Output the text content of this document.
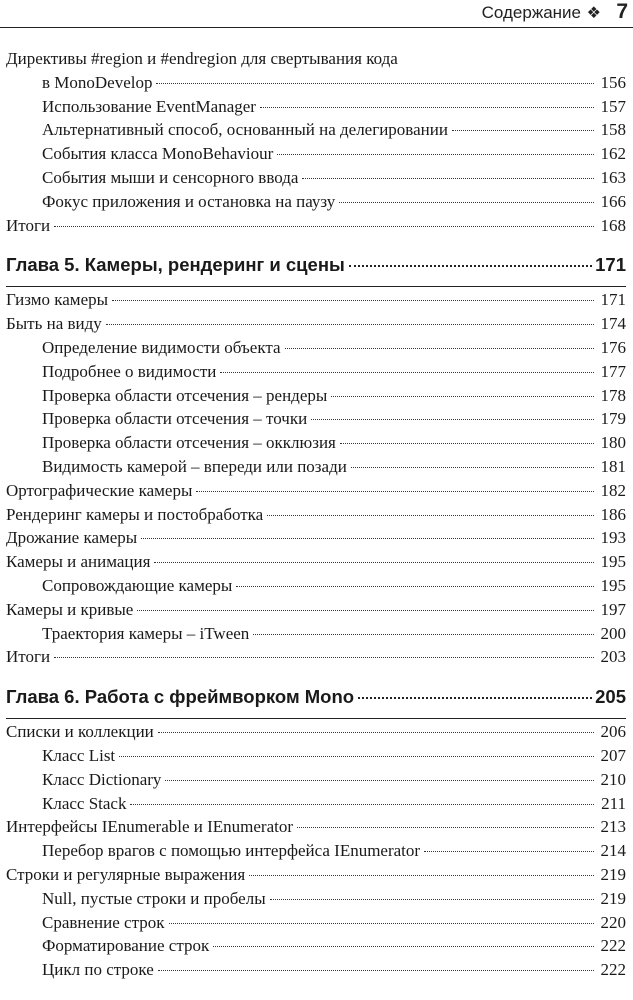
Содержание ❖ 7
Директивы #region и #endregion для свертывания кода
в MonoDevelop	156
Использование EventManager	157
Альтернативный способ, основанный на делегировании	158
События класса MonoBehaviour	162
События мыши и сенсорного ввода	163
Фокус приложения и остановка на паузу	166
Итоги	168
Глава 5. Камеры, рендеринг и сцены	171
Гизмо камеры	171
Быть на виду	174
Определение видимости объекта	176
Подробнее о видимости	177
Проверка области отсечения – рендеры	178
Проверка области отсечения – точки	179
Проверка области отсечения – окклюзия	180
Видимость камерой – впереди или позади	181
Ортографические камеры	182
Рендеринг камеры и постобработка	186
Дрожание камеры	193
Камеры и анимация	195
Сопровождающие камеры	195
Камеры и кривые	197
Траектория камеры – iTween	200
Итоги	203
Глава 6. Работа с фреймворком Mono	205
Списки и коллекции	206
Класс List	207
Класс Dictionary	210
Класс Stack	211
Интерфейсы IEnumerable и IEnumerator	213
Перебор врагов с помощью интерфейса IEnumerator	214
Строки и регулярные выражения	219
Null, пустые строки и пробелы	219
Сравнение строк	220
Форматирование строк	222
Цикл по строке	222
